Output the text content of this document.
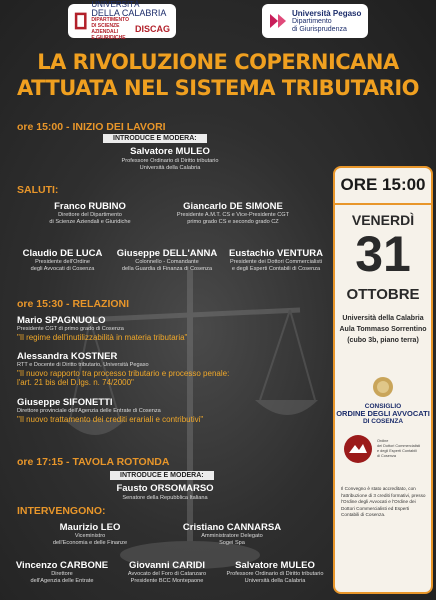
UNIVERSITÀ
DELLA CALABRIA
DIPARTIMENTO
DI SCIENZE AZIENDALI
E GIURIDICHE
DISCAG
Università Pegaso
Dipartimento
di Giurisprudenza
LA RIVOLUZIONE COPERNICANA
ATTUATA NEL SISTEMA TRIBUTARIO
ore 15:00 - INIZIO DEI LAVORI
INTRODUCE E MODERA:
Salvatore MULEO
Professore Ordinario di Diritto tributario
Università della Calabria
SALUTI:
Franco RUBINO
Direttore del Dipartimento
di Scienze Aziendali e Giuridiche
Giancarlo DE SIMONE
Presidente A.M.T. CS e Vice-Presidente CGT
primo grado CS e secondo grado CZ
Claudio DE LUCA
Presidente dell'Ordine
degli Avvocati di Cosenza
Giuseppe DELL'ANNA
Colonnello - Comandante
della Guardia di Finanza di Cosenza
Eustachio VENTURA
Presidente dei Dottori Commercialisti
e degli Esperti Contabili di Cosenza
ore 15:30 - RELAZIONI
Mario SPAGNUOLO
Presidente CGT di primo grado di Cosenza
"Il regime dell'inutilizzabilità in materia tributaria"
Alessandra KOSTNER
RTT e Docente di Diritto tributario, Università Pegaso
"Il nuovo rapporto tra processo tributario e processo penale:
l'art. 21 bis del D.lgs. n. 74/2000"
Giuseppe SIFONETTI
Direttore provinciale dell'Agenzia delle Entrate di Cosenza
"Il nuovo trattamento dei crediti erariali e contributivi"
ore 17:15 - TAVOLA ROTONDA
INTRODUCE E MODERA:
Fausto ORSOMARSO
Senatore della Repubblica Italiana
INTERVENGONO:
Maurizio LEO
Viceministro
dell'Economia e delle Finanze
Cristiano CANNARSA
Amministratore Delegato
Sogei Spa
Vincenzo CARBONE
Direttore
dell'Agenzia delle Entrate
Giovanni CARIDI
Avvocato del Foro di Catanzaro
Presidente BCC Montepaone
Salvatore MULEO
Professore Ordinario di Diritto tributario
Università della Calabria
ORE 15:00
VENERDÌ
31
OTTOBRE
Università della Calabria
Aula Tommaso Sorrentino
(cubo 3b, piano terra)
CONSIGLIO
ORDINE DEGLI AVVOCATI
DI COSENZA
Ordine
dei Dottori Commercialisti
e degli Esperti Contabili
di Cosenza
Il Convegno è stato accreditato, con l'attribuzione di 3 crediti formativi, presso l'Ordine degli Avvocati e l'Ordine dei Dottori Commercialisti ed Esperti Contabili di Cosenza.
